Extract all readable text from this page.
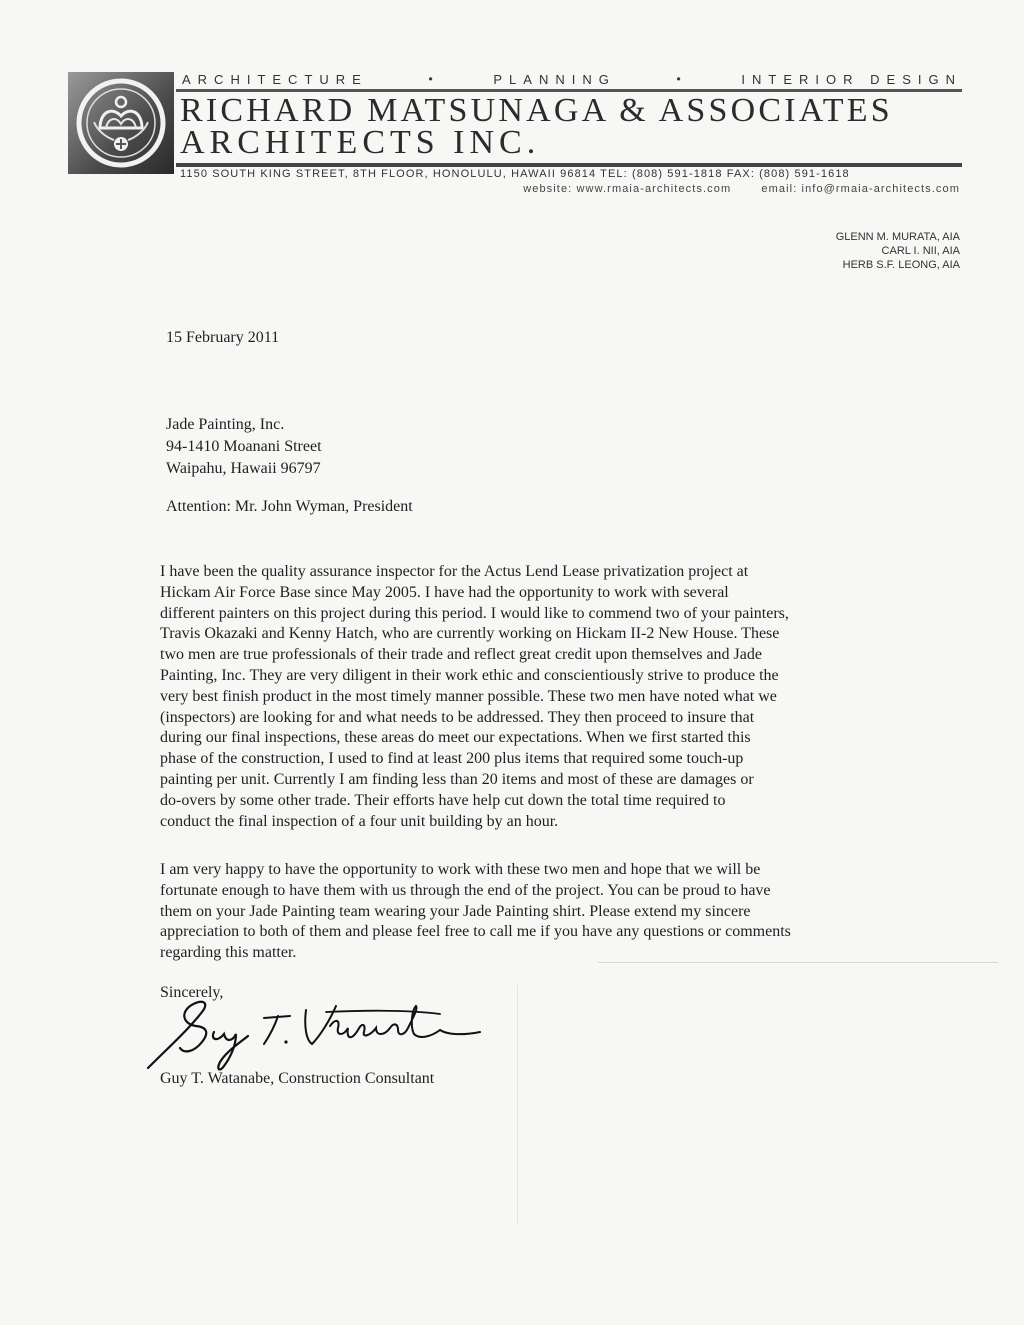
ARCHITECTURE	•	PLANNING	•	INTERIOR DESIGN
RICHARD MATSUNAGA & ASSOCIATES
ARCHITECTS INC.
1150 SOUTH KING STREET, 8TH FLOOR, HONOLULU, HAWAII 96814 TEL: (808) 591-1818 FAX: (808) 591-1618
website: www.rmaia-architects.com	email: info@rmaia-architects.com
GLENN M. MURATA, AIA
CARL I. NII, AIA
HERB S.F. LEONG, AIA
15 February 2011
Jade Painting, Inc.
94-1410 Moanani Street
Waipahu, Hawaii 96797
Attention: Mr. John Wyman, President
I have been the quality assurance inspector for the Actus Lend Lease privatization project at
Hickam Air Force Base since May 2005. I have had the opportunity to work with several
different painters on this project during this period. I would like to commend two of your painters,
Travis Okazaki and Kenny Hatch, who are currently working on Hickam II-2 New House. These
two men are true professionals of their trade and reflect great credit upon themselves and Jade
Painting, Inc. They are very diligent in their work ethic and conscientiously strive to produce the
very best finish product in the most timely manner possible. These two men have noted what we
(inspectors) are looking for and what needs to be addressed. They then proceed to insure that
during our final inspections, these areas do meet our expectations. When we first started this
phase of the construction, I used to find at least 200 plus items that required some touch-up
painting per unit. Currently I am finding less than 20 items and most of these are damages or
do-overs by some other trade. Their efforts have help cut down the total time required to
conduct the final inspection of a four unit building by an hour.
I am very happy to have the opportunity to work with these two men and hope that we will be
fortunate enough to have them with us through the end of the project. You can be proud to have
them on your Jade Painting team wearing your Jade Painting shirt. Please extend my sincere
appreciation to both of them and please feel free to call me if you have any questions or comments
regarding this matter.
Sincerely,
Guy T. Watanabe, Construction Consultant
